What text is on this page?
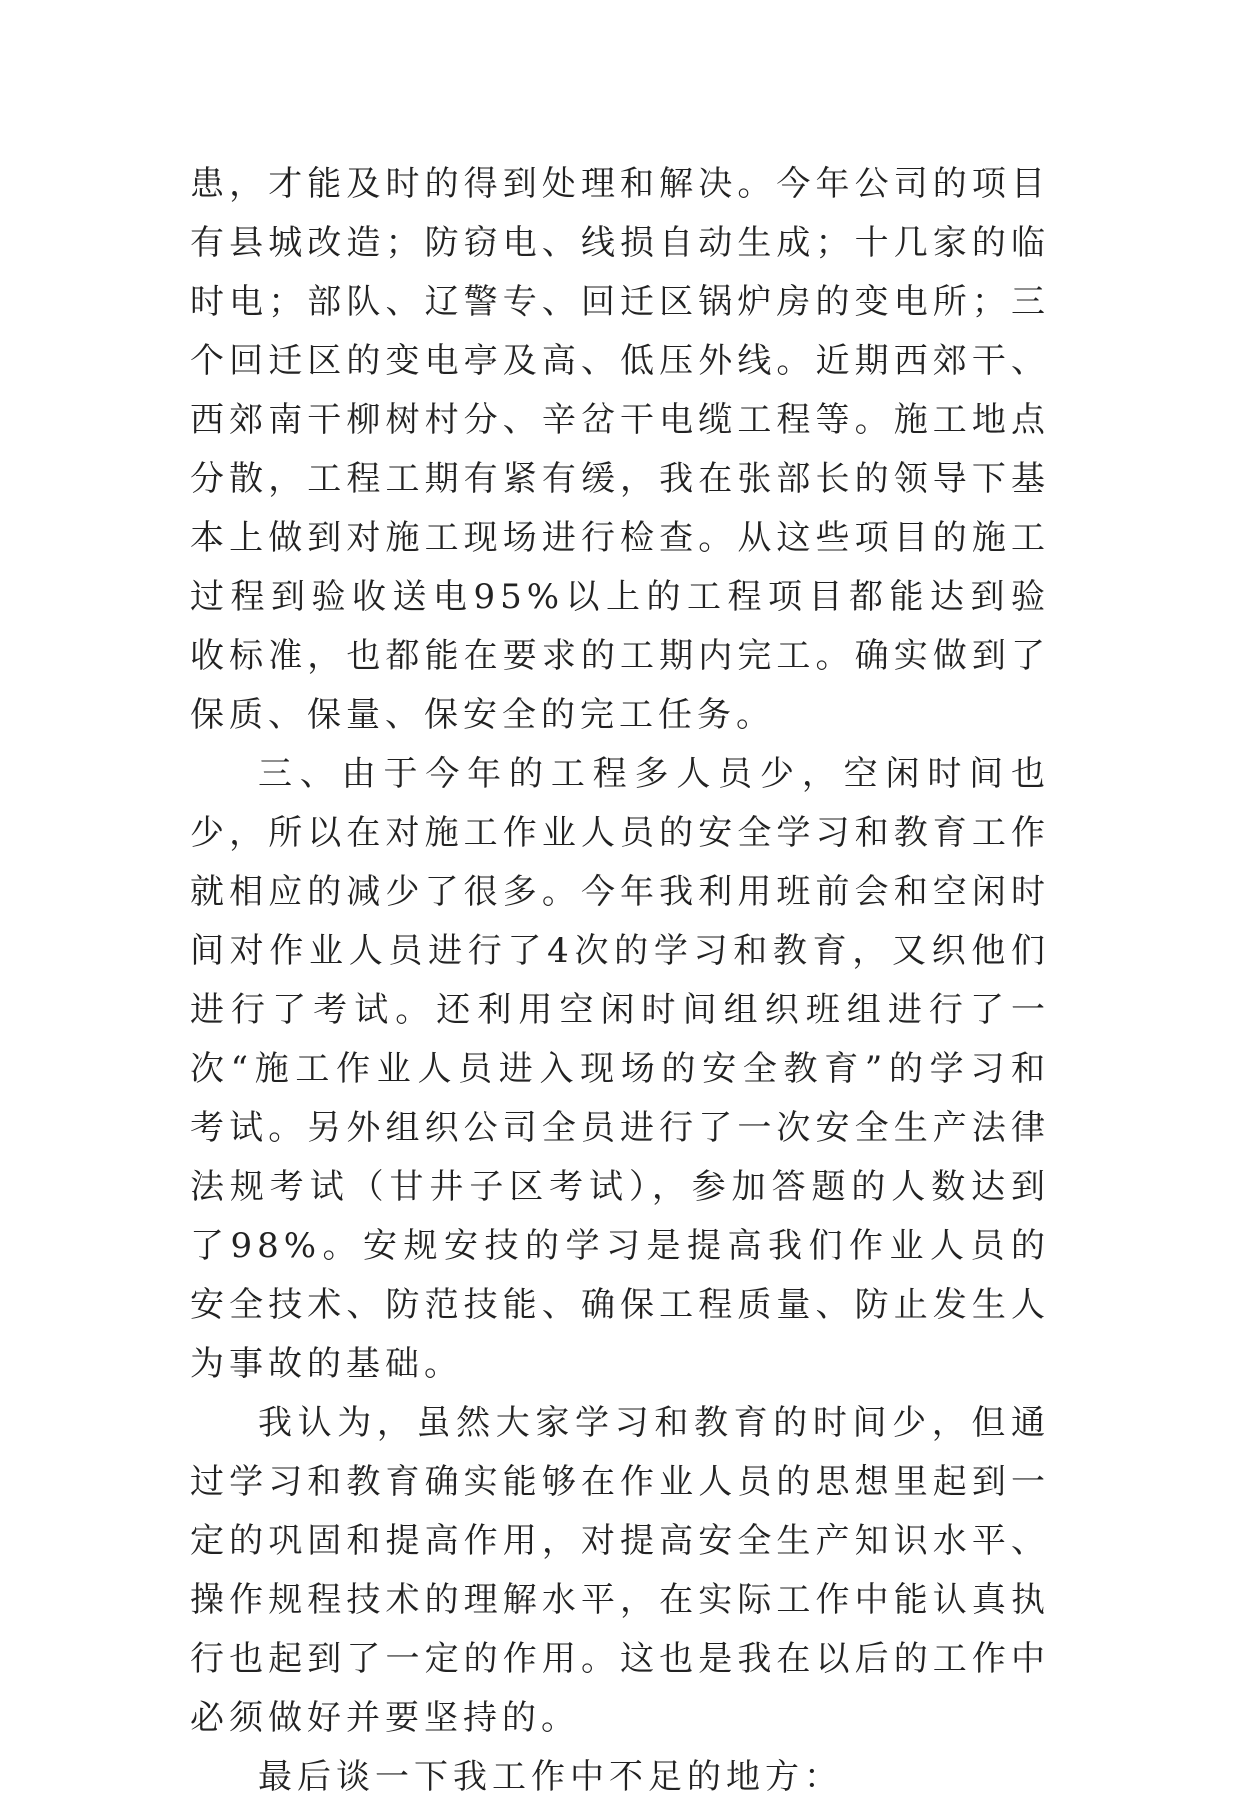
患，才能及时的得到处理和解决。今年公司的项目有县城改造；防窃电、线损自动生成；十几家的临时电；部队、辽警专、回迁区锅炉房的变电所；三个回迁区的变电亭及高、低压外线。近期西郊干、西郊南干柳树村分、辛岔干电缆工程等。施工地点分散，工程工期有紧有缓，我在张部长的领导下基本上做到对施工现场进行检查。从这些项目的施工过程到验收送电95%以上的工程项目都能达到验收标准，也都能在要求的工期内完工。确实做到了保质、保量、保安全的完工任务。

三、由于今年的工程多人员少，空闲时间也少，所以在对施工作业人员的安全学习和教育工作就相应的减少了很多。今年我利用班前会和空闲时间对作业人员进行了4次的学习和教育，又织他们进行了考试。还利用空闲时间组织班组进行了一次“施工作业人员进入现场的安全教育”的学习和考试。另外组织公司全员进行了一次安全生产法律法规考试（甘井子区考试），参加答题的人数达到了98%。安规安技的学习是提高我们作业人员的安全技术、防范技能、确保工程质量、防止发生人为事故的基础。

我认为，虽然大家学习和教育的时间少，但通过学习和教育确实能够在作业人员的思想里起到一定的巩固和提高作用，对提高安全生产知识水平、操作规程技术的理解水平，在实际工作中能认真执行也起到了一定的作用。这也是我在以后的工作中必须做好并要坚持的。

最后谈一下我工作中不足的地方：
